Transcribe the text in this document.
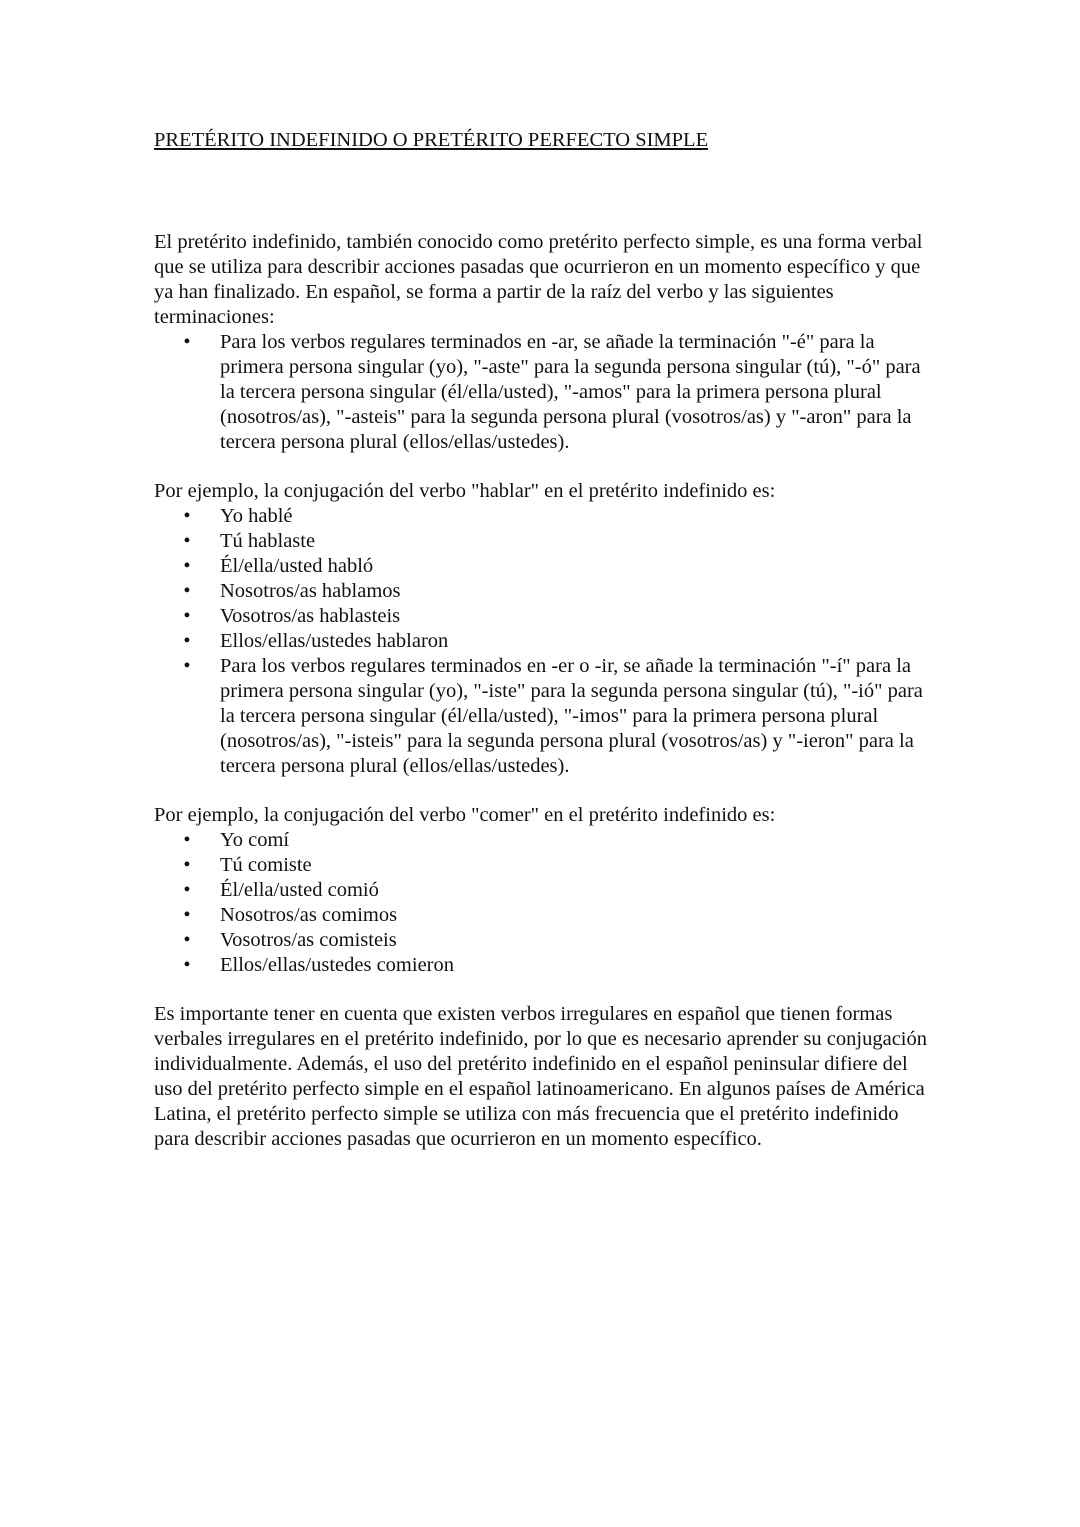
PRETÉRITO INDEFINIDO O PRETÉRITO PERFECTO SIMPLE

El pretérito indefinido, también conocido como pretérito perfecto simple, es una forma verbal que se utiliza para describir acciones pasadas que ocurrieron en un momento específico y que ya han finalizado. En español, se forma a partir de la raíz del verbo y las siguientes terminaciones:

• Para los verbos regulares terminados en -ar, se añade la terminación "-é" para la primera persona singular (yo), "-aste" para la segunda persona singular (tú), "-ó" para la tercera persona singular (él/ella/usted), "-amos" para la primera persona plural (nosotros/as), "-asteis" para la segunda persona plural (vosotros/as) y "-aron" para la tercera persona plural (ellos/ellas/ustedes).

Por ejemplo, la conjugación del verbo "hablar" en el pretérito indefinido es:

• Yo hablé
• Tú hablaste
• Él/ella/usted habló
• Nosotros/as hablamos
• Vosotros/as hablasteis
• Ellos/ellas/ustedes hablaron
• Para los verbos regulares terminados en -er o -ir, se añade la terminación "-í" para la primera persona singular (yo), "-iste" para la segunda persona singular (tú), "-ió" para la tercera persona singular (él/ella/usted), "-imos" para la primera persona plural (nosotros/as), "-isteis" para la segunda persona plural (vosotros/as) y "-ieron" para la tercera persona plural (ellos/ellas/ustedes).

Por ejemplo, la conjugación del verbo "comer" en el pretérito indefinido es:

• Yo comí
• Tú comiste
• Él/ella/usted comió
• Nosotros/as comimos
• Vosotros/as comisteis
• Ellos/ellas/ustedes comieron

Es importante tener en cuenta que existen verbos irregulares en español que tienen formas verbales irregulares en el pretérito indefinido, por lo que es necesario aprender su conjugación individualmente. Además, el uso del pretérito indefinido en el español peninsular difiere del uso del pretérito perfecto simple en el español latinoamericano. En algunos países de América Latina, el pretérito perfecto simple se utiliza con más frecuencia que el pretérito indefinido para describir acciones pasadas que ocurrieron en un momento específico.
